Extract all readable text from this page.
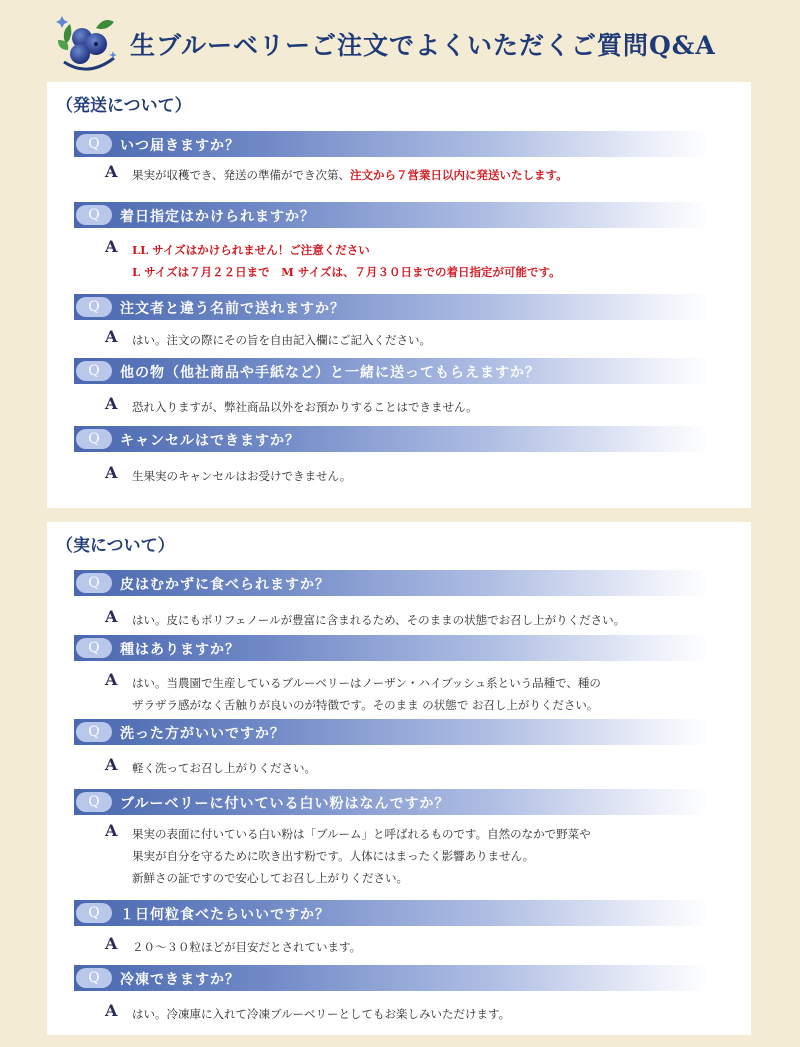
生ブルーベリーご注文でよくいただくご質問Q&A
（発送について）
Q	いつ届きますか？
A 果実が収穫でき、発送の準備ができ次第、注文から７営業日以内に発送いたします。
Q	着日指定はかけられますか？
A LL サイズはかけられません！ご注意ください
L サイズは７月２２日まで　M サイズは、７月３０日までの着日指定が可能です。
Q	注文者と違う名前で送れますか？
A はい。注文の際にその旨を自由記入欄にご記入ください。
Q	他の物（他社商品や手紙など）と一緒に送ってもらえますか？
A 恐れ入りますが、弊社商品以外をお預かりすることはできません。
Q	キャンセルはできますか？
A 生果実のキャンセルはお受けできません。
（実について）
Q	皮はむかずに食べられますか？
A はい。皮にもポリフェノールが豊富に含まれるため、そのままの状態でお召し上がりください。
Q	種はありますか？
A はい。当農園で生産しているブルーベリーはノーザン・ハイブッシュ系という品種で、種の
ザラザラ感がなく舌触りが良いのが特徴です。そのまま の状態で お召し上がりください。
Q	洗った方がいいですか？
A 軽く洗ってお召し上がりください。
Q	ブルーベリーに付いている白い粉はなんですか？
A 果実の表面に付いている白い粉は「ブルーム」と呼ばれるものです。自然のなかで野菜や
果実が自分を守るために吹き出す粉です。人体にはまったく影響ありません。
新鮮さの証ですので安心してお召し上がりください。
Q	１日何粒食べたらいいですか？
A ２０～３０粒ほどが目安だとされています。
Q	冷凍できますか？
A はい。冷凍庫に入れて冷凍ブルーベリーとしてもお楽しみいただけます。
